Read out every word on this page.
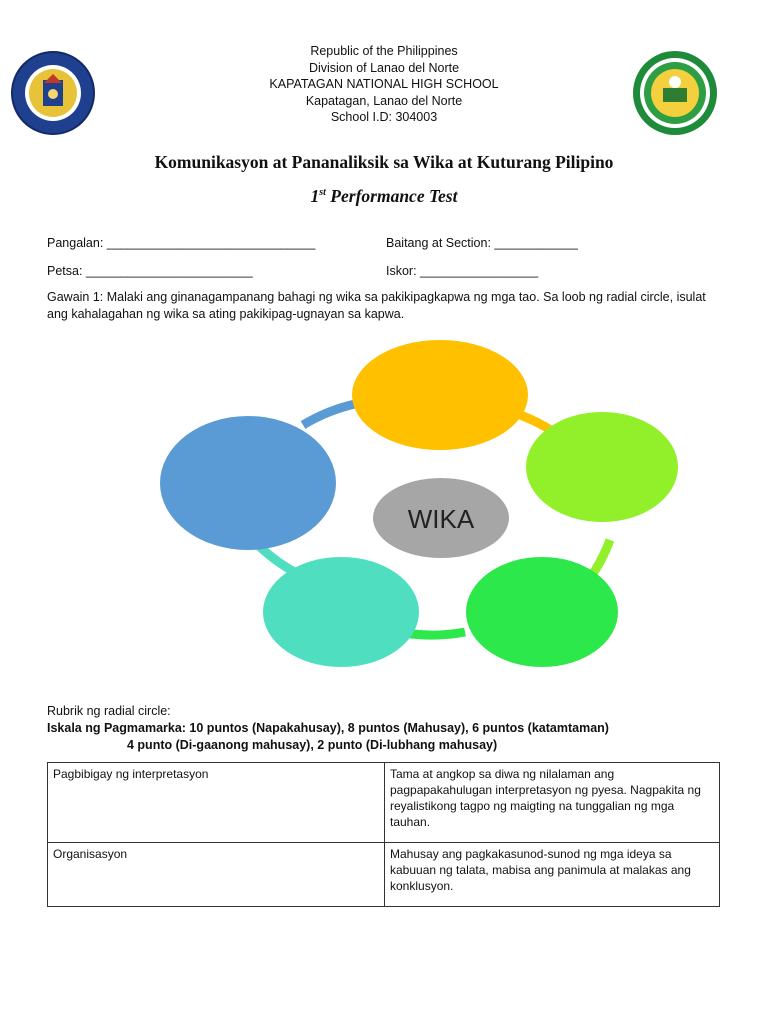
Republic of the Philippines
Division of Lanao del Norte
KAPATAGAN NATIONAL HIGH SCHOOL
Kapatagan, Lanao del Norte
School I.D: 304003
Komunikasyon at Pananaliksik sa Wika at Kuturang Pilipino
1st Performance Test
Pangalan: ______________________________	Baitang at Section: ____________
Petsa: ________________________	Iskor: _________________
Gawain 1: Malaki ang ginanagampanang bahagi ng wika sa pakikipagkapwa ng mga tao. Sa loob ng radial circle, isulat ang kahalagahan ng wika sa ating pakikipag-ugnayan sa kapwa.
WIKA
Rubrik ng radial circle:
Iskala ng Pagmamarka: 10 puntos (Napakahusay), 8 puntos (Mahusay), 6 puntos (katamtaman)
4 punto (Di-gaanong mahusay), 2 punto (Di-lubhang mahusay)
Pagbibigay ng interpretasyon	Tama at angkop sa diwa ng nilalaman ang pagpapakahulugan interpretasyon ng pyesa. Nagpakita ng reyalistikong tagpo ng maigting na tunggalian ng mga tauhan.
Organisasyon	Mahusay ang pagkakasunod-sunod ng mga ideya sa kabuuan ng talata, mabisa ang panimula at malakas ang konklusyon.
